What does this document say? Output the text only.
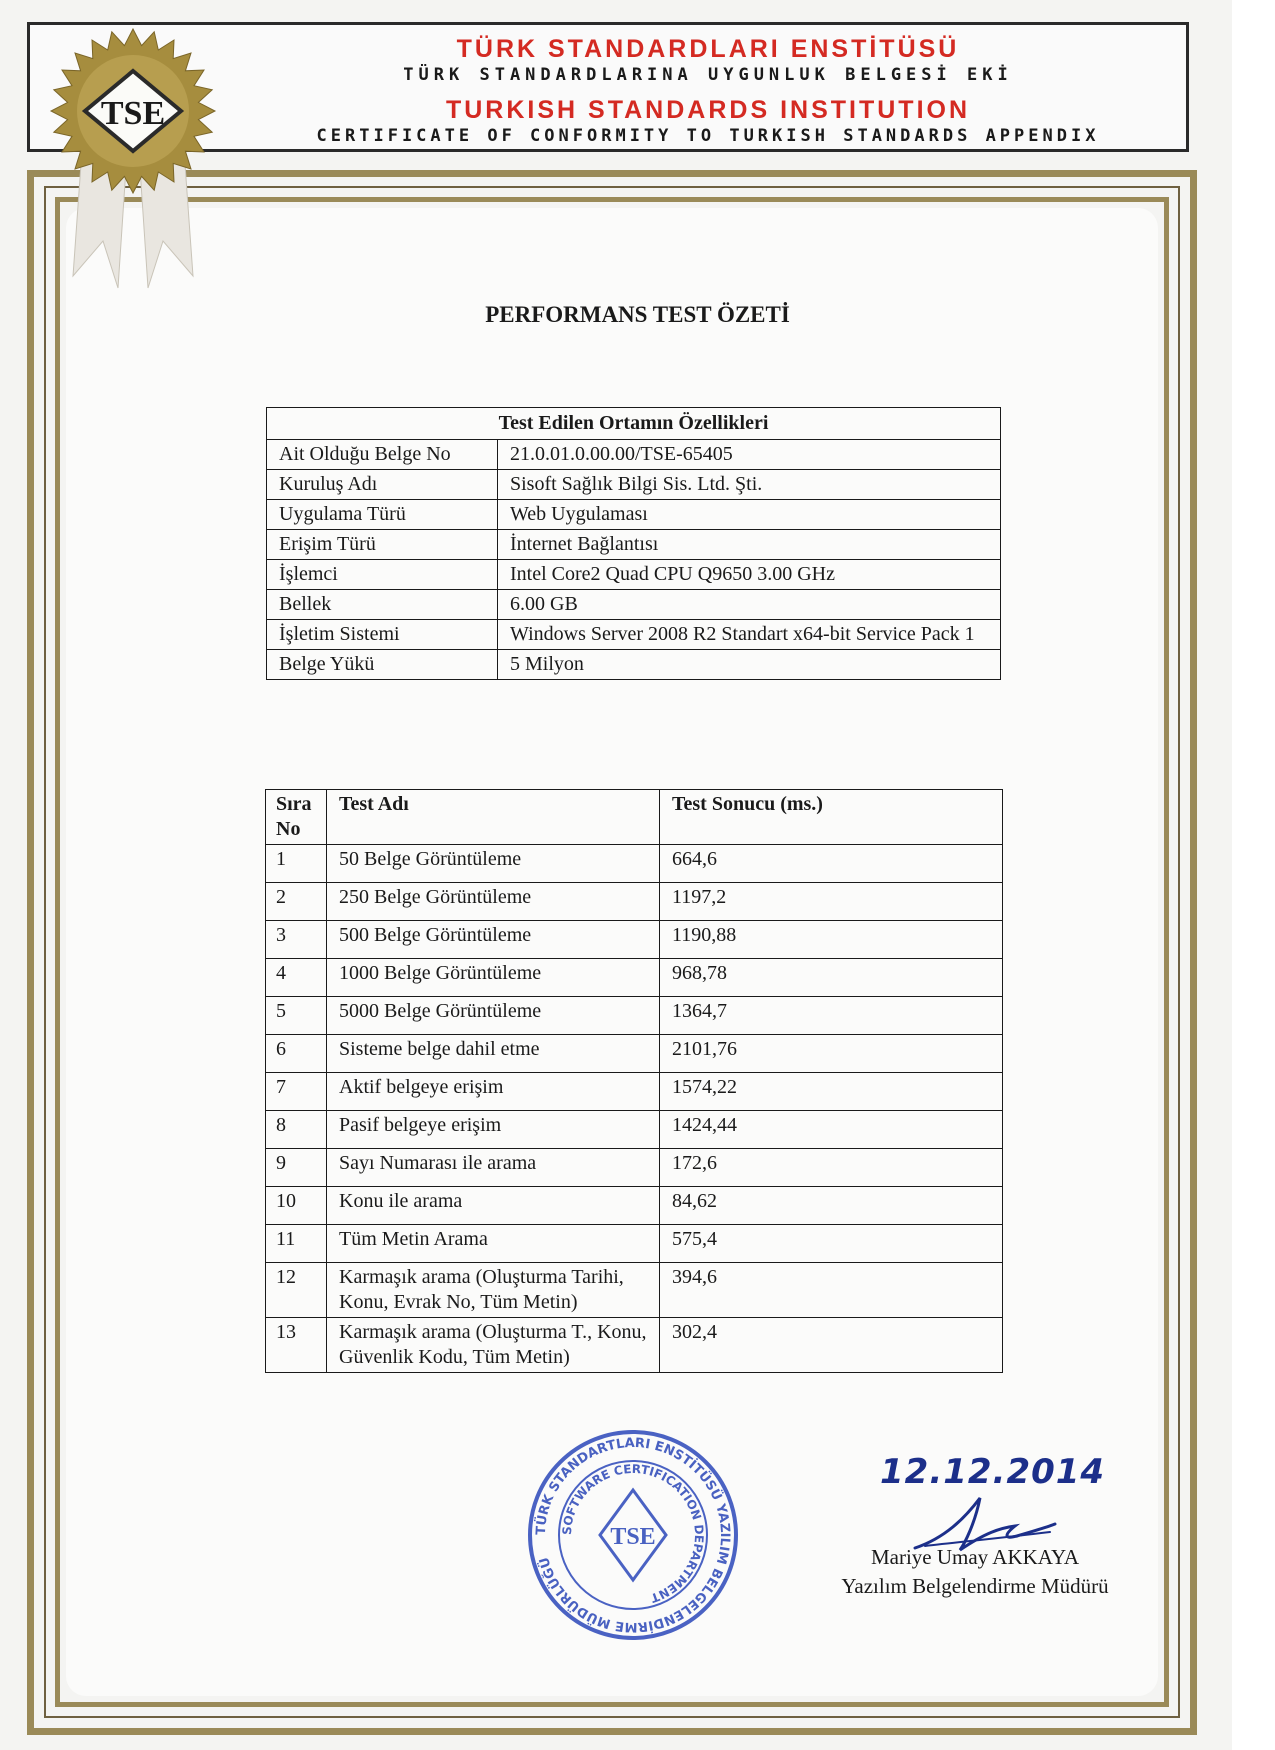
TÜRK STANDARDLARI ENSTİTÜSÜ
TÜRK STANDARDLARINA UYGUNLUK BELGESİ EKİ
TURKISH STANDARDS INSTITUTION
CERTIFICATE OF CONFORMITY TO TURKISH STANDARDS APPENDIX
TSE
PERFORMANS TEST ÖZETİ
Test Edilen Ortamın Özellikleri	
Ait Olduğu Belge No	21.0.01.0.00.00/TSE-65405
Kuruluş Adı	Sisoft Sağlık Bilgi Sis. Ltd. Şti.
Uygulama Türü	Web Uygulaması
Erişim Türü	İnternet Bağlantısı
İşlemci	Intel Core2 Quad CPU Q9650 3.00 GHz
Bellek	6.00 GB
İşletim Sistemi	Windows Server 2008 R2 Standart x64-bit Service Pack 1
Belge Yükü	5 Milyon
Sıra No	Test Adı	Test Sonucu (ms.)
1	50 Belge Görüntüleme	664,6
2	250 Belge Görüntüleme	1197,2
3	500 Belge Görüntüleme	1190,88
4	1000 Belge Görüntüleme	968,78
5	5000 Belge Görüntüleme	1364,7
6	Sisteme belge dahil etme	2101,76
7	Aktif belgeye erişim	1574,22
8	Pasif belgeye erişim	1424,44
9	Sayı Numarası ile arama	172,6
10	Konu ile arama	84,62
11	Tüm Metin Arama	575,4
12	Karmaşık arama (Oluşturma Tarihi, Konu, Evrak No, Tüm Metin)	394,6
13	Karmaşık arama (Oluşturma T., Konu, Güvenlik Kodu, Tüm Metin)	302,4
TÜRK STANDARTLARI ENSTİTÜSÜ YAZILIM BELGELENDİRME MÜDÜRLÜĞÜ
SOFTWARE CERTIFICATION DEPARTMENT
TSE
12.12.2014
Mariye Umay AKKAYA
Yazılım Belgelendirme Müdürü
